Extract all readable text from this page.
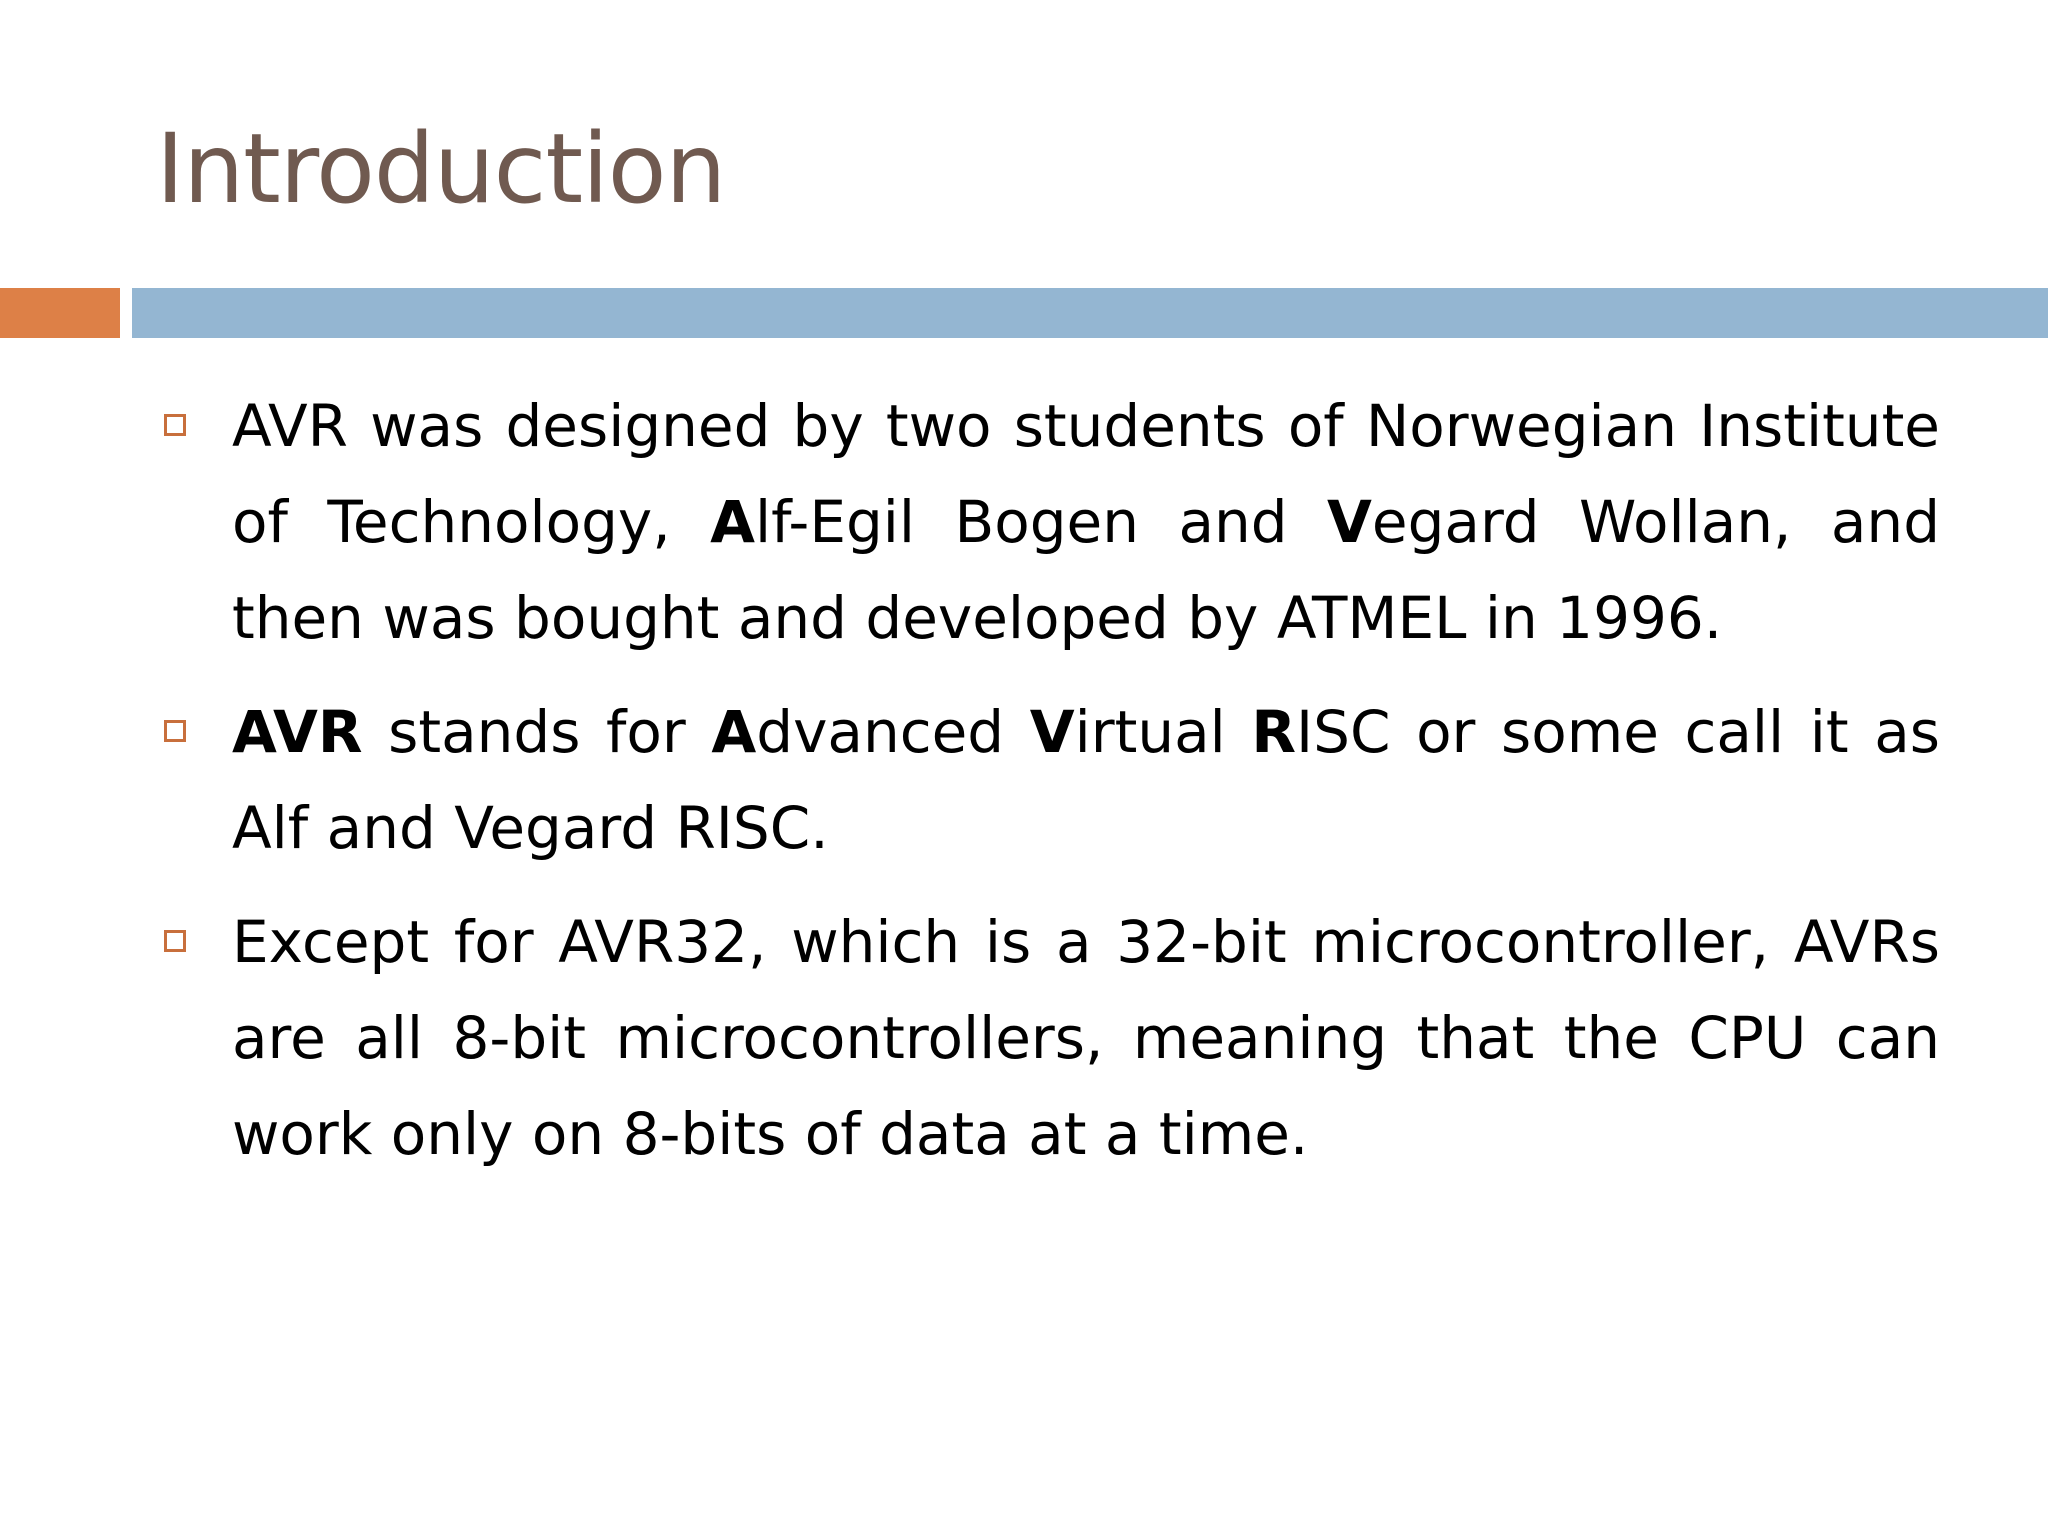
Introduction
AVR was designed by two students of Norwegian Institute of Technology, Alf-Egil Bogen and Vegard Wollan, and then was bought and developed by ATMEL in 1996.
AVR stands for Advanced Virtual RISC or some call it as Alf and Vegard RISC.
Except for AVR32, which is a 32-bit microcontroller, AVRs are all 8-bit microcontrollers, meaning that the CPU can work only on 8-bits of data at a time.
